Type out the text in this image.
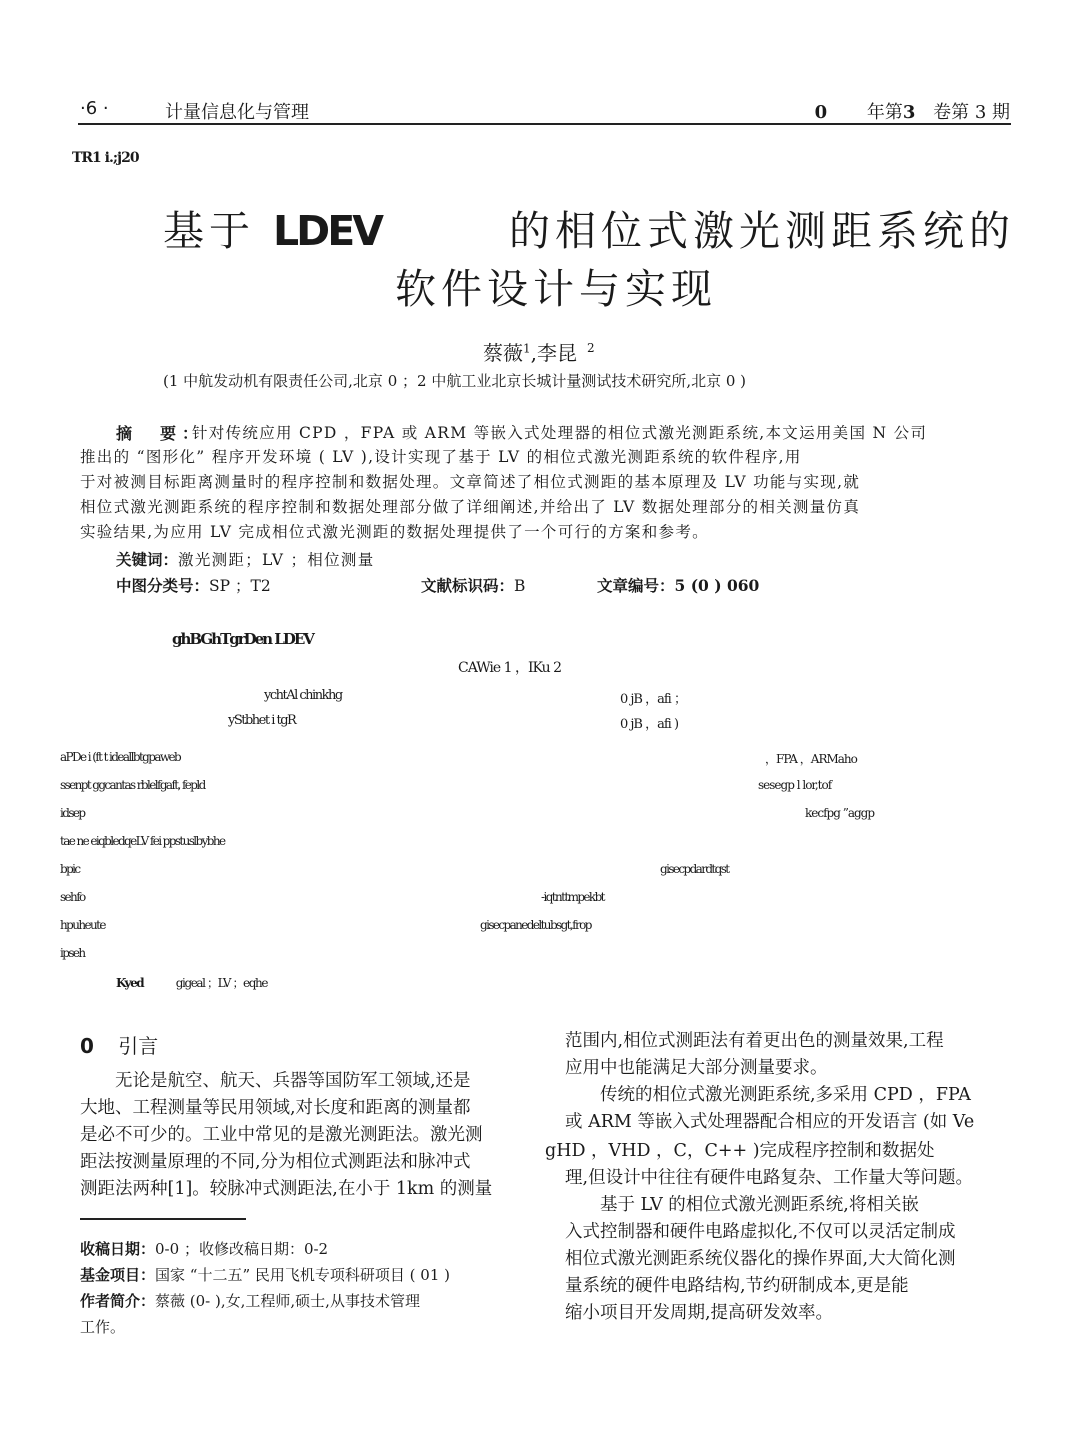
·6 ·	计量信息化与管理	0 年第3 卷第 3 期
TR1 i.;j20
基于 LDEV	的相位式激光测距系统的
软件设计与实现
蔡薇$^1$,李昆 $^2$
(1 中航发动机有限责任公司,北京 0 ；2 中航工业北京长城计量测试技术研究所,北京 0 )
摘　要：
针对传统应用 CPD ，FPA 或 ARM 等嵌入式处理器的相位式激光测距系统,本文运用美国 N 公司
推出的 “图形化” 程序开发环境 ( LV ),设计实现了基于 LV 的相位式激光测距系统的软件程序,用
于对被测目标距离测量时的程序控制和数据处理。文章简述了相位式测距的基本原理及 LV 功能与实现,就
相位式激光测距系统的程序控制和数据处理部分做了详细阐述,并给出了 LV 数据处理部分的相关测量仿真
实验结果,为应用 LV 完成相位式激光测距的数据处理提供了一个可行的方案和参考。
关键词：激光测距；LV ；相位测量
中图分类号：SP ；T2	文献标识码：B	文章编号：5 (0 ) 060
ghBGhTgrDen LDEV
CAWie 1 ，IKu 2
ychtAl chinkhg	0 jB ，afi ；
yStbhet i tgR	0 jB ，afi )
aPDe i (ft t ideallbtgpaweb	，FPA ，ARMaho
ssenpt ggcantas rblelfgaft, fepld	sesegp l lor,tof
idsep	kecfpg ”aggp
tae ne eiqbledqeLV fei ppstuslbybhe
bpic	gisecpdardtqst
sehfo	-iqtnttmpekbt
hpuheute	gisecpanedeltubsgt,frop
ipseh
Kyed	gigeal ；LV ；eqhe
0 引言
　　无论是航空、航天、兵器等国防军工领域,还是
大地、工程测量等民用领域,对长度和距离的测量都
是必不可少的。工业中常见的是激光测距法。激光测
距法按测量原理的不同,分为相位式测距法和脉冲式
测距法两种[1]。较脉冲式测距法,在小于 1km 的测量
收稿日期：0-0 ；收修改稿日期：0-2
基金项目：国家 “十二五” 民用飞机专项科研项目 ( 01 )
作者简介：蔡薇 (0- ),女,工程师,硕士,从事技术管理
工作。
范围内,相位式测距法有着更出色的测量效果,工程
应用中也能满足大部分测量要求。
　　传统的相位式激光测距系统,多采用 CPD ，FPA
或 ARM 等嵌入式处理器配合相应的开发语言 (如 Ve
gHD ，VHD ，C，C++ )完成程序控制和数据处
理,但设计中往往有硬件电路复杂、工作量大等问题。
　　基于 LV 的相位式激光测距系统,将相关嵌
入式控制器和硬件电路虚拟化,不仅可以灵活定制成
相位式激光测距系统仪器化的操作界面,大大简化测
量系统的硬件电路结构,节约研制成本,更是能
缩小项目开发周期,提高研发效率。
